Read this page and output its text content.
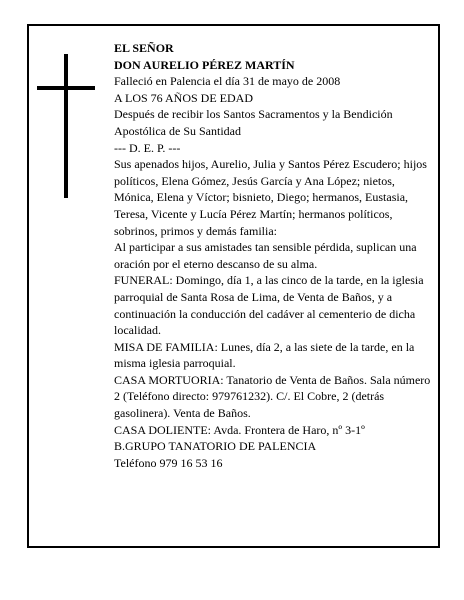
EL SEÑOR

DON AURELIO PÉREZ MARTÍN

Falleció en Palencia el día 31 de mayo de 2008

A LOS 76 AÑOS DE EDAD

Después de recibir los Santos Sacramentos y la Bendición Apostólica de Su Santidad

--- D. E. P. ---

Sus apenados hijos, Aurelio, Julia y Santos Pérez Escudero; hijos políticos, Elena Gómez, Jesús García y Ana López; nietos, Mónica, Elena y Víctor; bisnieto, Diego; hermanos, Eustasia, Teresa, Vicente y Lucía Pérez Martín; hermanos políticos, sobrinos, primos y demás familia:

Al participar a sus amistades tan sensible pérdida, suplican una oración por el eterno descanso de su alma.

FUNERAL: Domingo, día 1, a las cinco de la tarde, en la iglesia parroquial de Santa Rosa de Lima, de Venta de Baños, y a continuación la conducción del cadáver al cementerio de dicha localidad.

MISA DE FAMILIA: Lunes, día 2, a las siete de la tarde, en la misma iglesia parroquial.

CASA MORTUORIA: Tanatorio de Venta de Baños. Sala número 2 (Teléfono directo: 979761232). C/. El Cobre, 2 (detrás gasolinera). Venta de Baños.

CASA DOLIENTE: Avda. Frontera de Haro, nº 3-1º

B.GRUPO TANATORIO DE PALENCIA

Teléfono 979 16 53 16
